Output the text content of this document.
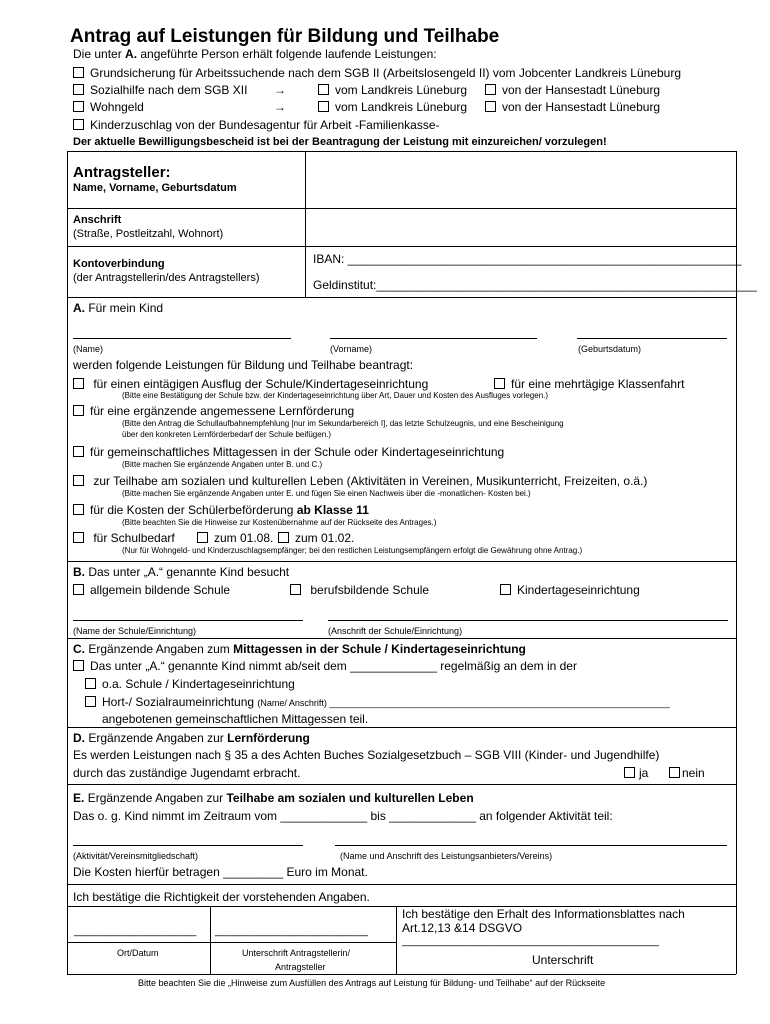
Antrag auf Leistungen für Bildung und Teilhabe
Die unter A. angeführte Person erhält folgende laufende Leistungen:
Grundsicherung für Arbeitssuchende nach dem SGB II (Arbeitslosengeld II) vom Jobcenter Landkreis Lüneburg
Sozialhilfe nach dem SGB XII →	vom Landkreis Lüneburg	von der Hansestadt Lüneburg
Wohngeld	→	vom Landkreis Lüneburg	von der Hansestadt Lüneburg
Kinderzuschlag von der Bundesagentur für Arbeit -Familienkasse-
Der aktuelle Bewilligungsbescheid ist bei der Beantragung der Leistung mit einzureichen/ vorzulegen!
Antragsteller:
Name, Vorname, Geburtsdatum
Anschrift
(Straße, Postleitzahl, Wohnort)
Kontoverbindung
(der Antragstellerin/des Antragstellers)
IBAN: ___________________________________________________________
Geldinstitut:_________________________________________________________
A. Für mein Kind
(Name)	(Vorname)	(Geburtsdatum)
werden folgende Leistungen für Bildung und Teilhabe beantragt:
für einen eintägigen Ausflug der Schule/Kindertageseinrichtung	für eine mehrtägige Klassenfahrt
(Bitte eine Bestätigung der Schule bzw. der Kindertageseinrichtung über Art, Dauer und Kosten des Ausfluges vorlegen.)
für eine ergänzende angemessene Lernförderung
(Bitte den Antrag die Schullaufbahnempfehlung [nur im Sekundarbereich I], das letzte Schulzeugnis, und eine Bescheinigung
über den konkreten Lernförderbedarf der Schule beifügen.)
für gemeinschaftliches Mittagessen in der Schule oder Kindertageseinrichtung
(Bitte machen Sie ergänzende Angaben unter B. und C.)
zur Teilhabe am sozialen und kulturellen Leben (Aktivitäten in Vereinen, Musikunterricht, Freizeiten, o.ä.)
(Bitte machen Sie ergänzende Angaben unter E. und fügen Sie einen Nachweis über die -monatlichen- Kosten bei.)
für die Kosten der Schülerbeförderung ab Klasse 11
(Bitte beachten Sie die Hinweise zur Kostenübernahme auf der Rückseite des Antrages.)
für Schulbedarf	zum 01.08.	zum 01.02.
(Nur für Wohngeld- und Kinderzuschlagsempfänger; bei den restlichen Leistungsempfängern erfolgt die Gewährung ohne Antrag.)
B. Das unter „A.“ genannte Kind besucht
allgemein bildende Schule	berufsbildende Schule	Kindertageseinrichtung
(Name der Schule/Einrichtung)	(Anschrift der Schule/Einrichtung)
C. Ergänzende Angaben zum Mittagessen in der Schule / Kindertageseinrichtung
Das unter „A.“ genannte Kind nimmt ab/seit dem _____________ regelmäßig an dem in der
o.a. Schule / Kindertageseinrichtung
Hort-/ Sozialraumeinrichtung (Name/ Anschrift) ____________________________________________________________________
angebotenen gemeinschaftlichen Mittagessen teil.
D. Ergänzende Angaben zur Lernförderung
Es werden Leistungen nach § 35 a des Achten Buches Sozialgesetzbuch – SGB VIII (Kinder- und Jugendhilfe)
durch das zuständige Jugendamt erbracht.	ja	nein
E. Ergänzende Angaben zur Teilhabe am sozialen und kulturellen Leben
Das o. g. Kind nimmt im Zeitraum vom _____________ bis _____________ an folgender Aktivität teil:
(Aktivität/Vereinsmitgliedschaft)	(Name und Anschrift des Leistungsanbieters/Vereins)
Die Kosten hierfür betragen _________ Euro im Monat.
Ich bestätige die Richtigkeit der vorstehenden Angaben.
____________________ _________________________
Ort/Datum	Unterschrift Antragstellerin/
Antragsteller
Ich bestätige den Erhalt des Informationsblattes nach
Art.12,13 &14 DSGVO
__________________________________________
Unterschrift
Bitte beachten Sie die „Hinweise zum Ausfüllen des Antrags auf Leistung für Bildung- und Teilhabe“ auf der Rückseite
